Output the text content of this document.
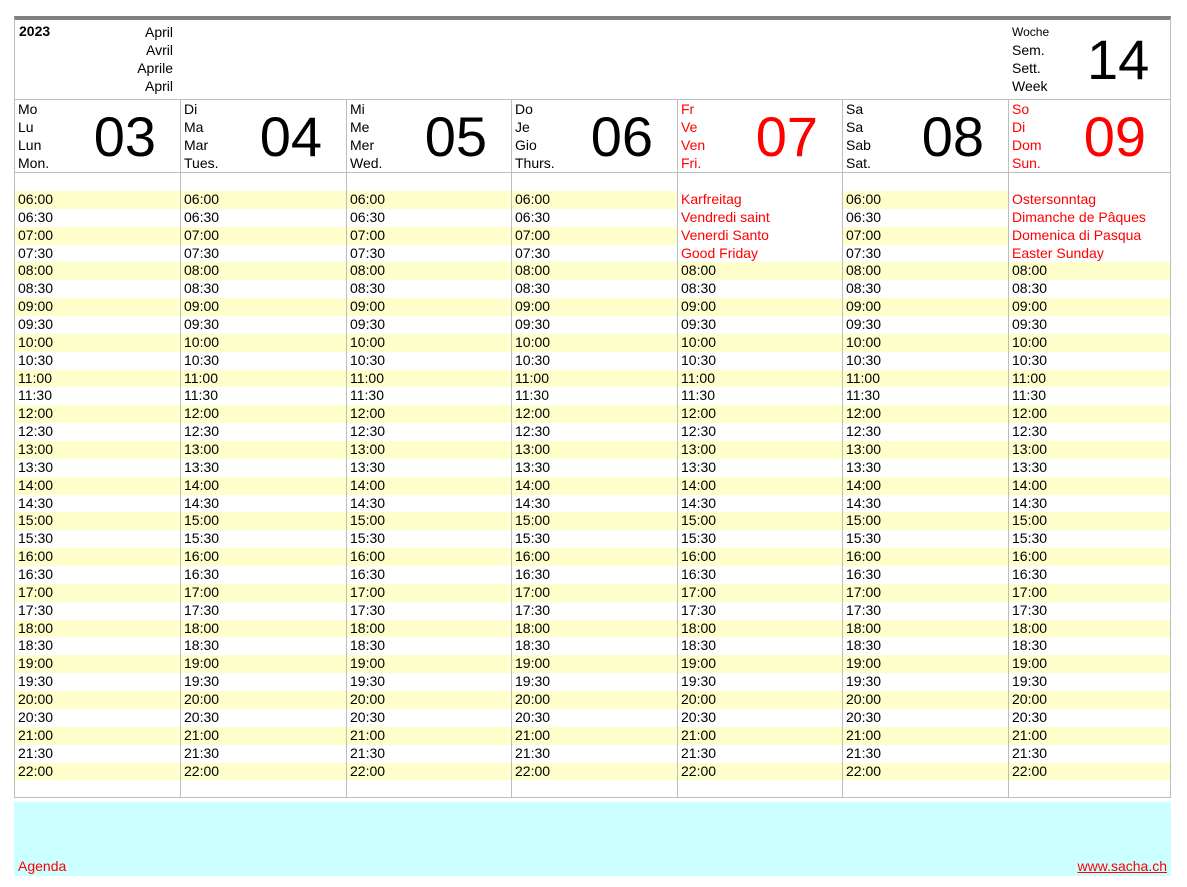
2023	April
Avril
Aprile
April
Woche
Sem.
Sett.
Week 14
Mo
Lu
Lun
Mon. 03
06:00
06:30
07:00
07:30
08:00
08:30
09:00
09:30
10:00
10:30
11:00
11:30
12:00
12:30
13:00
13:30
14:00
14:30
15:00
15:30
16:00
16:30
17:00
17:30
18:00
18:30
19:00
19:30
20:00
20:30
21:00
21:30
22:00
Di
Ma
Mar
Tues. 04
06:00
06:30
07:00
07:30
08:00
08:30
09:00
09:30
10:00
10:30
11:00
11:30
12:00
12:30
13:00
13:30
14:00
14:30
15:00
15:30
16:00
16:30
17:00
17:30
18:00
18:30
19:00
19:30
20:00
20:30
21:00
21:30
22:00
Mi
Me
Mer
Wed. 05
06:00
06:30
07:00
07:30
08:00
08:30
09:00
09:30
10:00
10:30
11:00
11:30
12:00
12:30
13:00
13:30
14:00
14:30
15:00
15:30
16:00
16:30
17:00
17:30
18:00
18:30
19:00
19:30
20:00
20:30
21:00
21:30
22:00
Do
Je
Gio
Thurs. 06
06:00
06:30
07:00
07:30
08:00
08:30
09:00
09:30
10:00
10:30
11:00
11:30
12:00
12:30
13:00
13:30
14:00
14:30
15:00
15:30
16:00
16:30
17:00
17:30
18:00
18:30
19:00
19:30
20:00
20:30
21:00
21:30
22:00
Fr
Ve
Ven
Fri. 07
Karfreitag
Vendredi saint
Venerdi Santo
Good Friday
08:00
08:30
09:00
09:30
10:00
10:30
11:00
11:30
12:00
12:30
13:00
13:30
14:00
14:30
15:00
15:30
16:00
16:30
17:00
17:30
18:00
18:30
19:00
19:30
20:00
20:30
21:00
21:30
22:00
Sa
Sa
Sab
Sat. 08
06:00
06:30
07:00
07:30
08:00
08:30
09:00
09:30
10:00
10:30
11:00
11:30
12:00
12:30
13:00
13:30
14:00
14:30
15:00
15:30
16:00
16:30
17:00
17:30
18:00
18:30
19:00
19:30
20:00
20:30
21:00
21:30
22:00
So
Di
Dom
Sun. 09
Ostersonntag
Dimanche de Pâques
Domenica di Pasqua
Easter Sunday
08:00
08:30
09:00
09:30
10:00
10:30
11:00
11:30
12:00
12:30
13:00
13:30
14:00
14:30
15:00
15:30
16:00
16:30
17:00
17:30
18:00
18:30
19:00
19:30
20:00
20:30
21:00
21:30
22:00
Agenda	www.sacha.ch
